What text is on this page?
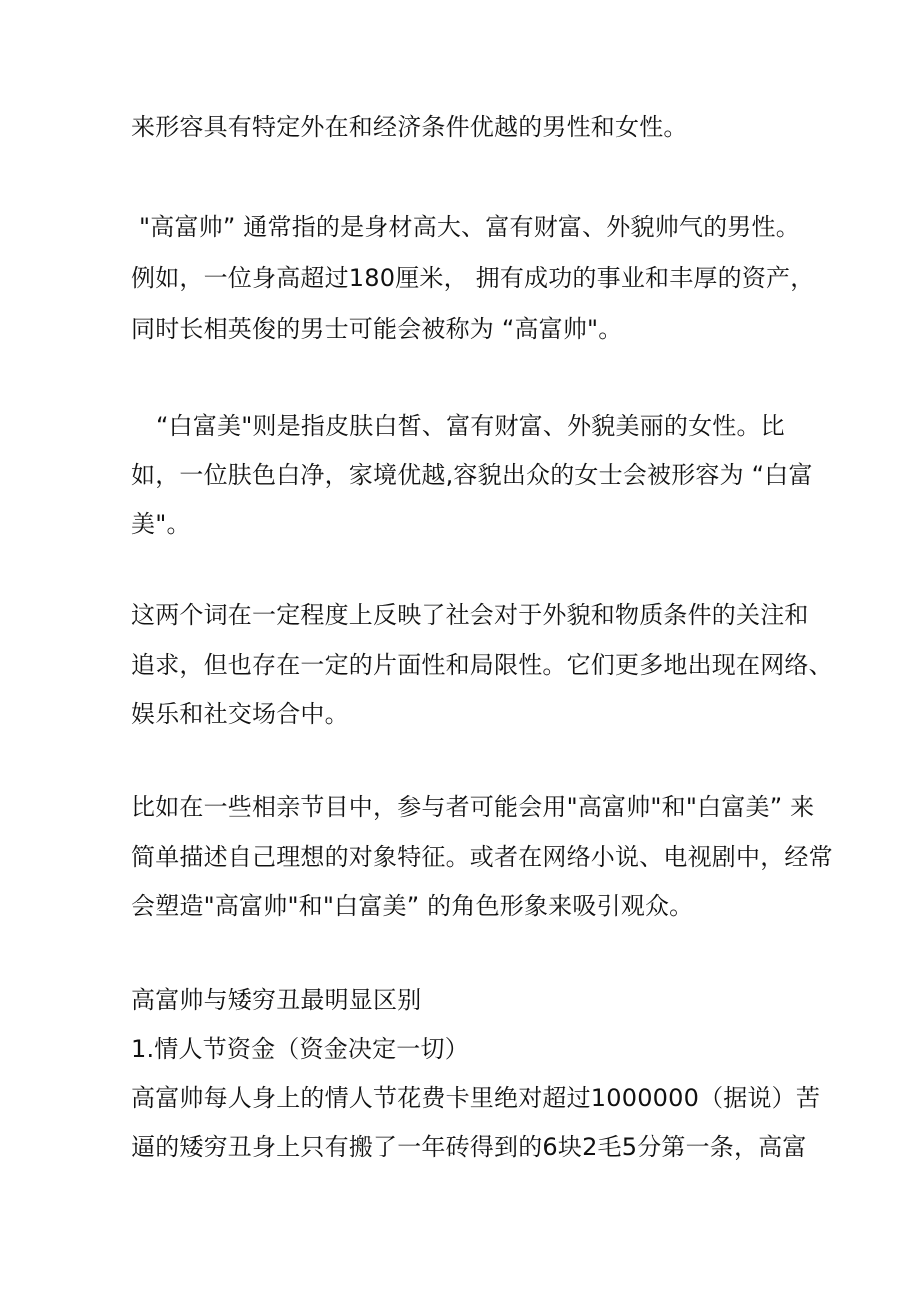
来形容具有特定外在和经济条件优越的男性和女性。
"高富帅” 通常指的是身材高大、富有财富、外貌帅气的男性。
例如，一位身高超过180厘米， 拥有成功的事业和丰厚的资产，
同时长相英俊的男士可能会被称为 “高富帅"。
“白富美"则是指皮肤白皙、富有财富、外貌美丽的女性。比
如，一位肤色白净，家境优越,容貌出众的女士会被形容为 “白富
美"。
这两个词在一定程度上反映了社会对于外貌和物质条件的关注和
追求，但也存在一定的片面性和局限性。它们更多地出现在网络、
娱乐和社交场合中。
比如在一些相亲节目中，参与者可能会用"高富帅"和"白富美” 来
简单描述自己理想的对象特征。或者在网络小说、电视剧中，经常
会塑造"高富帅"和"白富美” 的角色形象来吸引观众。
高富帅与矮穷丑最明显区别
1.情人节资金（资金决定一切）
高富帅每人身上的情人节花费卡里绝对超过1000000（据说）苦
逼的矮穷丑身上只有搬了一年砖得到的6块2毛5分第一条，高富
